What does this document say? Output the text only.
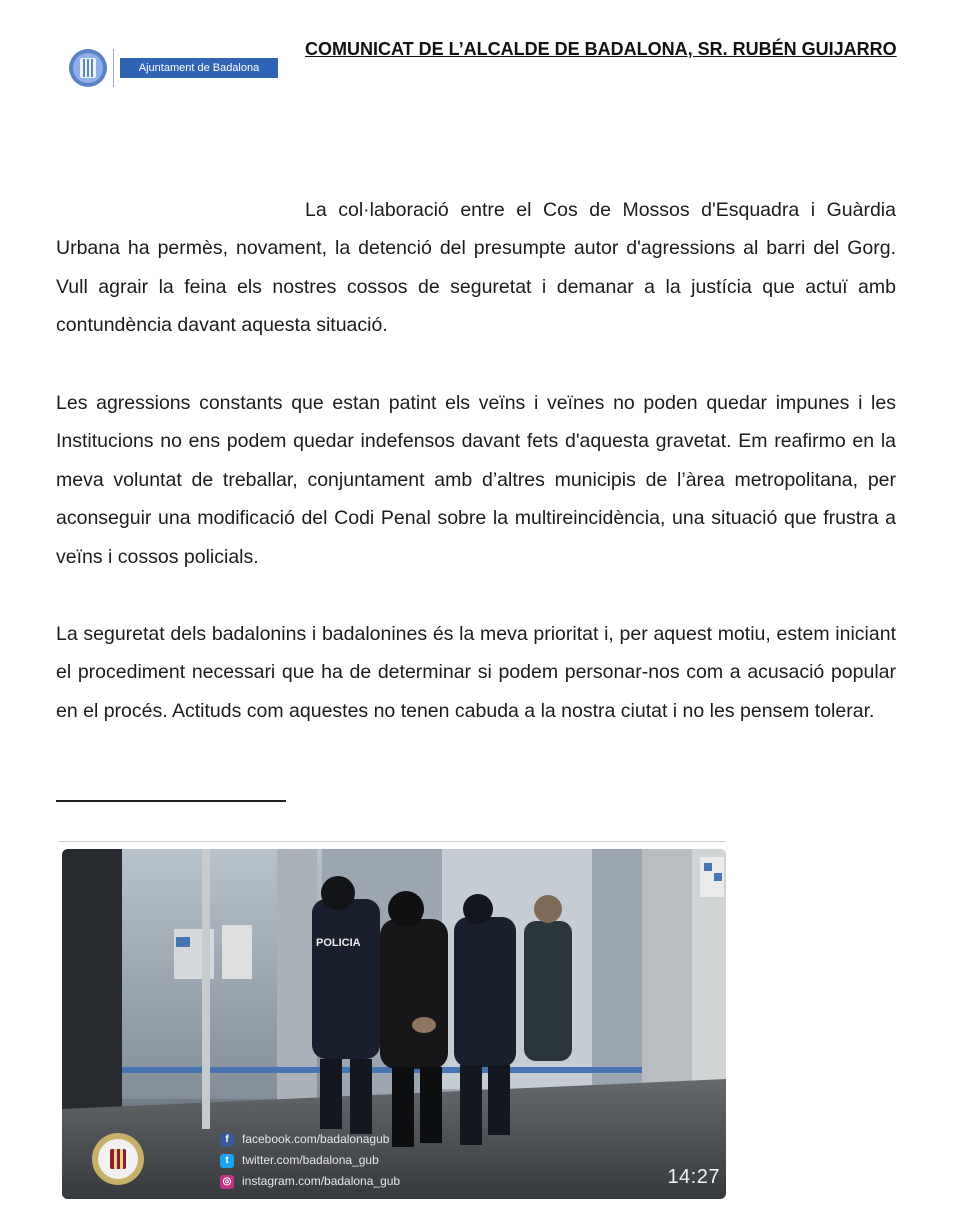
Ajuntament de Badalona
COMUNICAT DE L’ALCALDE DE BADALONA, SR. RUBÉN GUIJARRO

La col·laboració entre el Cos de Mossos d'Esquadra i Guàrdia Urbana ha permès, novament, la detenció del presumpte autor d'agressions al barri del Gorg. Vull agrair la feina els nostres cossos de seguretat i demanar a la justícia que actuï amb contundència davant aquesta situació.

Les agressions constants que estan patint els veïns i veïnes no poden quedar impunes i les Institucions no ens podem quedar indefensos davant fets d'aquesta gravetat. Em reafirmo en la meva voluntat de treballar, conjuntament amb d’altres municipis de l’àrea metropolitana, per aconseguir una modificació del Codi Penal sobre la multireincidència, una situació que frustra a veïns i cossos policials.

La seguretat dels badalonins i badalonines és la meva prioritat i, per aquest motiu, estem iniciant el procediment necessari que ha de determinar si podem personar-nos com a acusació popular en el procés. Actituds com aquestes no tenen cabuda a la nostra ciutat i no les pensem tolerar.

POLICIA
f facebook.com/badalonagub
t twitter.com/badalona_gub
◎ instagram.com/badalona_gub	14:27
